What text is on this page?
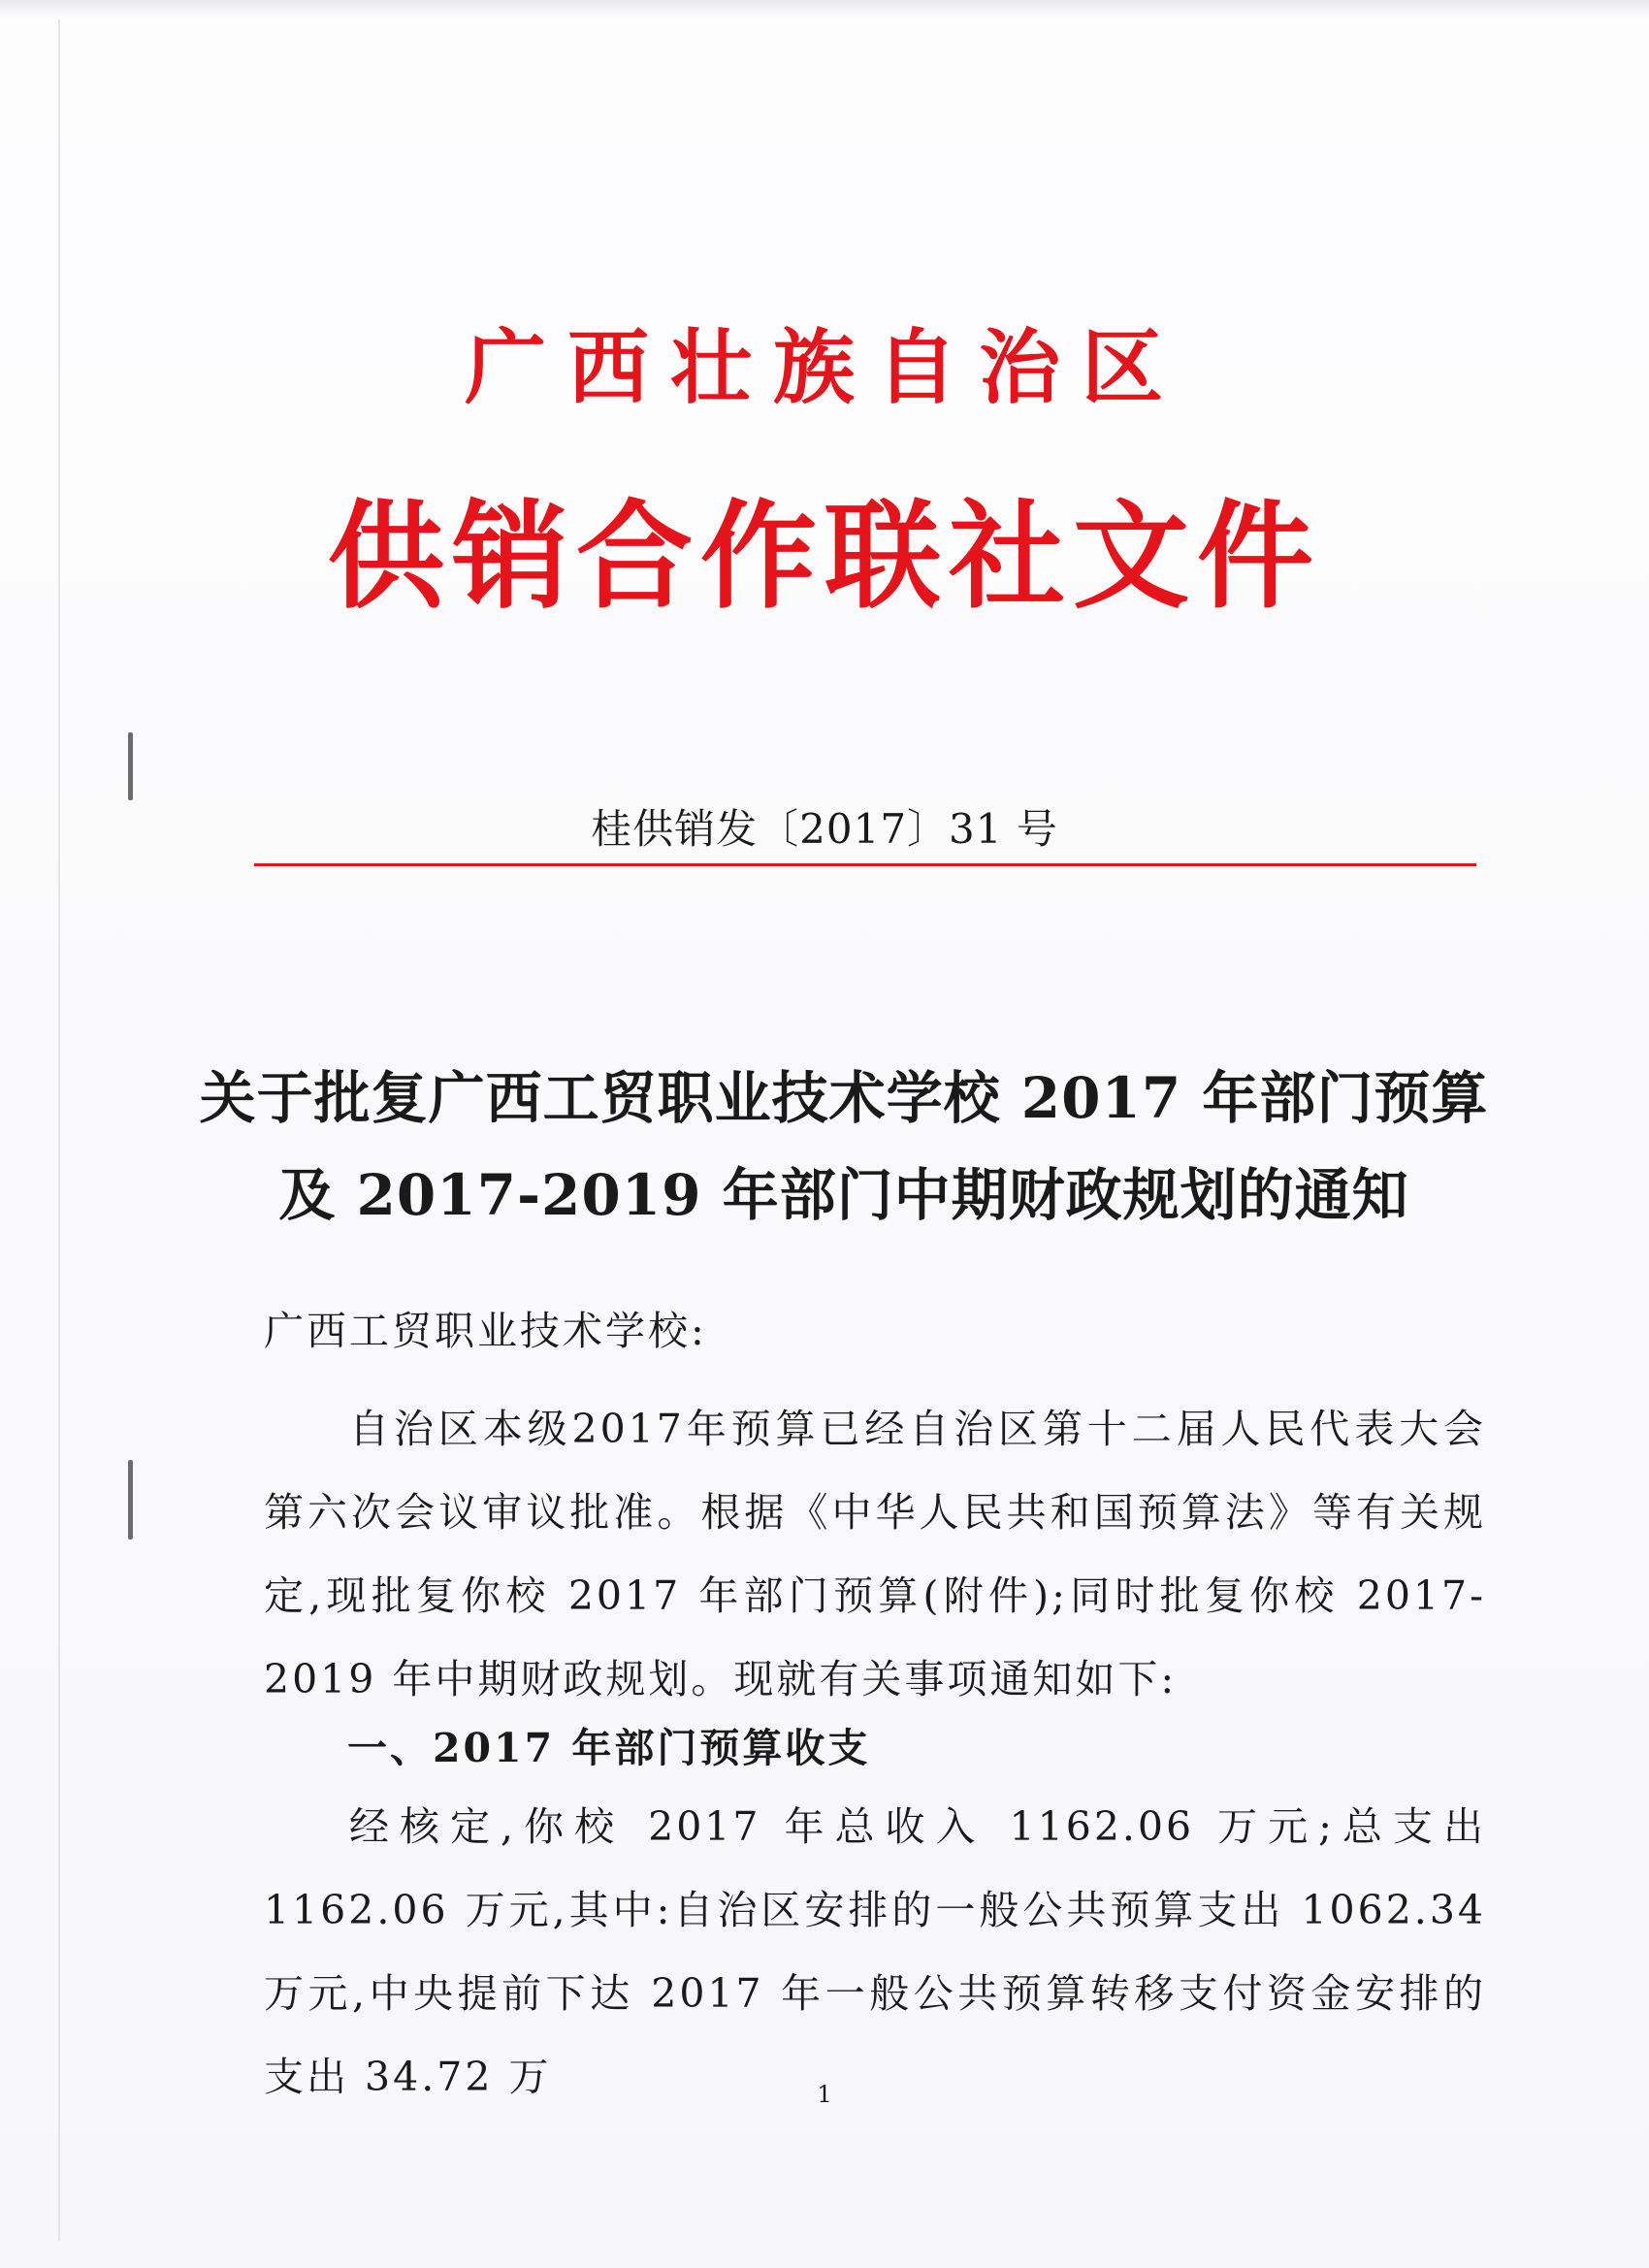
广西壮族自治区
供销合作联社文件
桂供销发〔2017〕31 号
关于批复广西工贸职业技术学校 2017 年部门预算
及 2017-2019 年部门中期财政规划的通知
广西工贸职业技术学校:
自治区本级2017年预算已经自治区第十二届人民代表大会第六次会议审议批准。根据《中华人民共和国预算法》等有关规定,现批复你校 2017 年部门预算(附件);同时批复你校 2017-2019 年中期财政规划。现就有关事项通知如下:
一、2017 年部门预算收支
经核定,你校 2017 年总收入 1162.06 万元;总支出 1162.06 万元,其中:自治区安排的一般公共预算支出 1062.34 万元,中央提前下达 2017 年一般公共预算转移支付资金安排的支出 34.72 万	1
